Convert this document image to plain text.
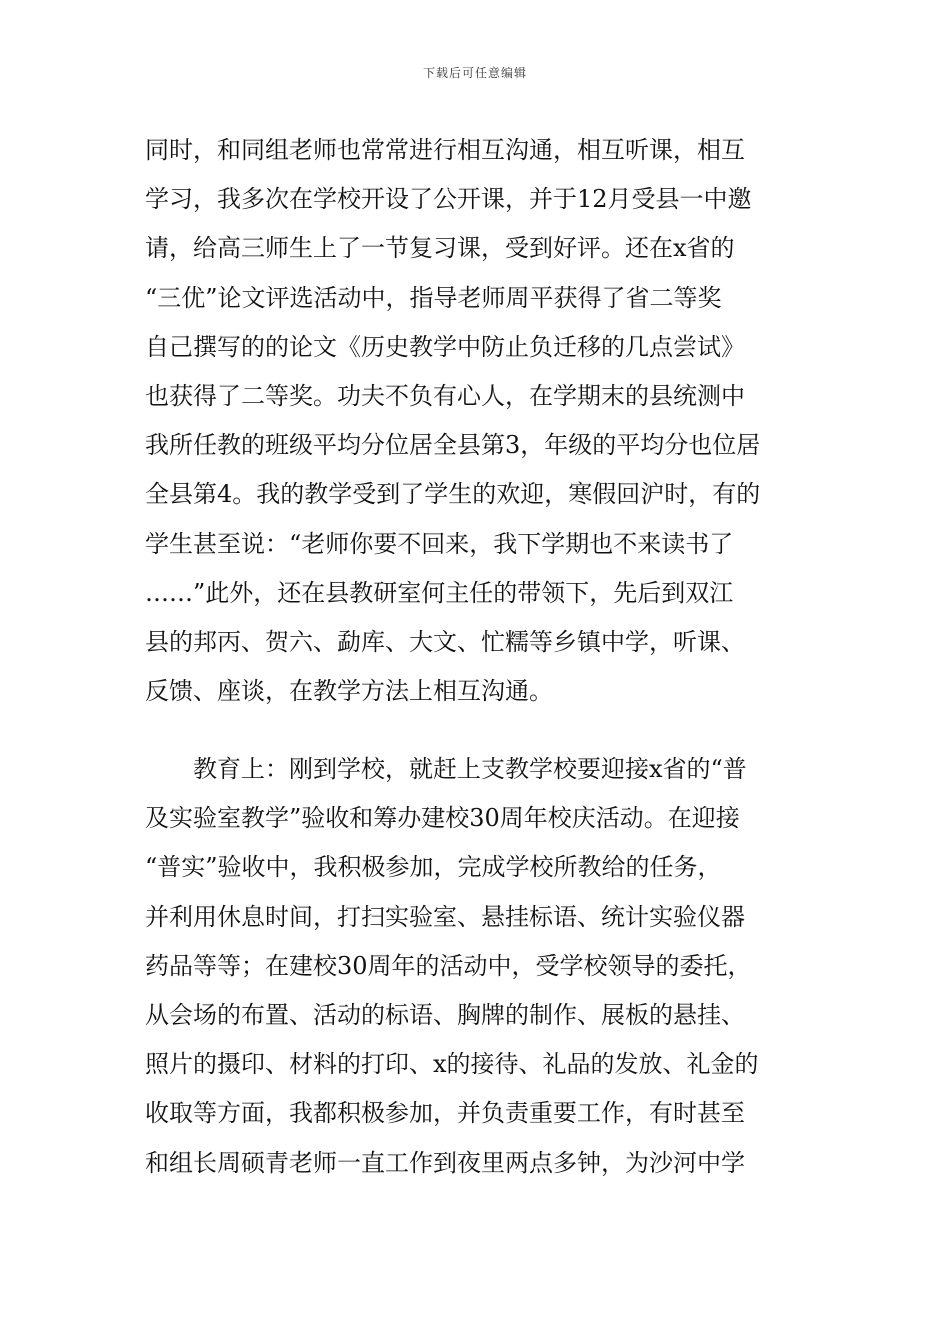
下载后可任意编辑
同时，和同组老师也常常进行相互沟通，相互听课，相互
学习，我多次在学校开设了公开课，并于12月受县一中邀
请，给高三师生上了一节复习课，受到好评。还在x省的
“三优”论文评选活动中，指导老师周平获得了省二等奖
自己撰写的的论文《历史教学中防止负迁移的几点尝试》
也获得了二等奖。功夫不负有心人，在学期末的县统测中
我所任教的班级平均分位居全县第3，年级的平均分也位居
全县第4。我的教学受到了学生的欢迎，寒假回沪时，有的
学生甚至说：“老师你要不回来，我下学期也不来读书了
……”此外，还在县教研室何主任的带领下，先后到双江
县的邦丙、贺六、勐库、大文、忙糯等乡镇中学，听课、
反馈、座谈，在教学方法上相互沟通。
　　教育上：刚到学校，就赶上支教学校要迎接x省的“普
及实验室教学”验收和筹办建校30周年校庆活动。在迎接
“普实”验收中，我积极参加，完成学校所教给的任务，
并利用休息时间，打扫实验室、悬挂标语、统计实验仪器
药品等等；在建校30周年的活动中，受学校领导的委托，
从会场的布置、活动的标语、胸牌的制作、展板的悬挂、
照片的摄印、材料的打印、x的接待、礼品的发放、礼金的
收取等方面，我都积极参加，并负责重要工作，有时甚至
和组长周硕青老师一直工作到夜里两点多钟，为沙河中学
